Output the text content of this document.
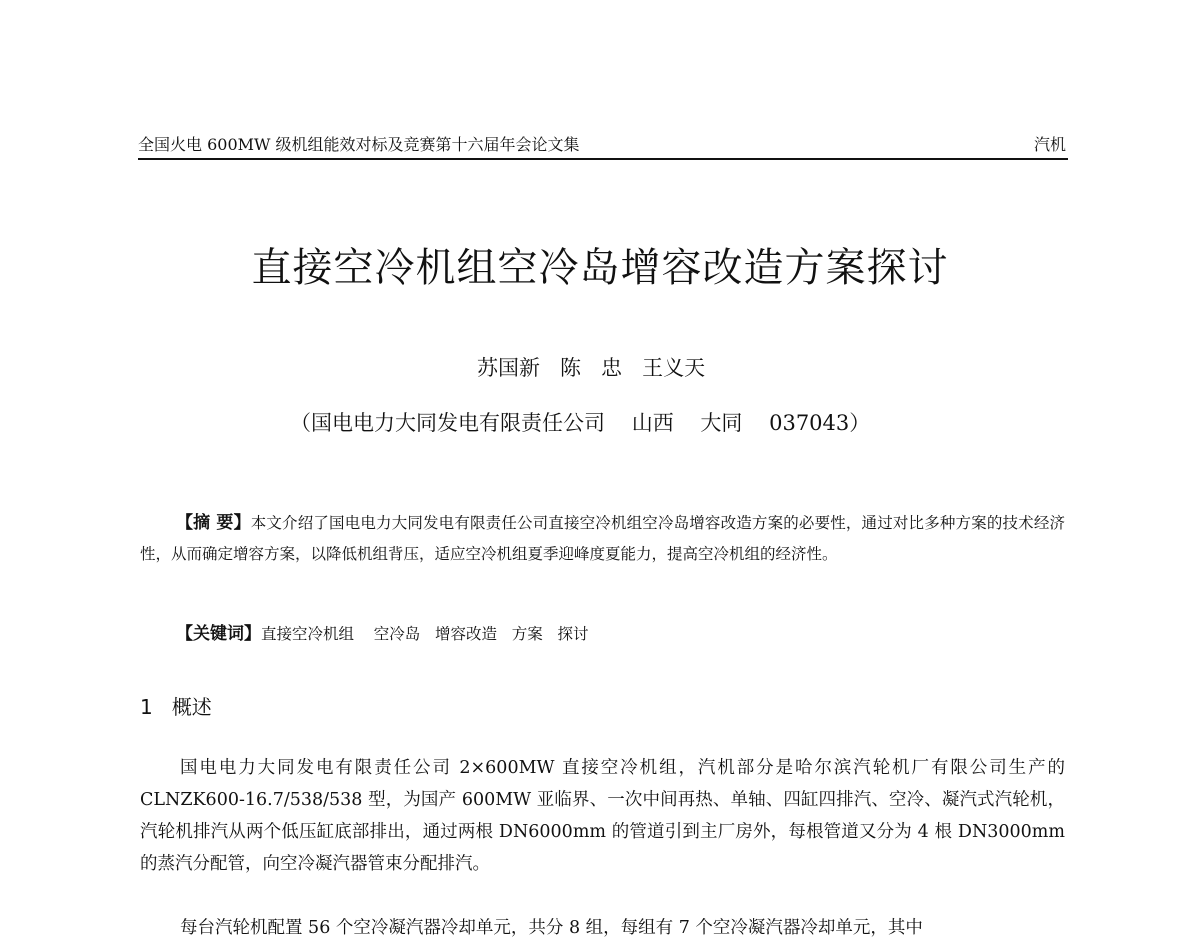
全国火电 600MW 级机组能效对标及竞赛第十六届年会论文集	汽机
直接空冷机组空冷岛增容改造方案探讨
苏国新   陈   忠   王义天
（国电电力大同发电有限责任公司    山西    大同    037043）
【摘 要】本文介绍了国电电力大同发电有限责任公司直接空冷机组空冷岛增容改造方案的必要性，通过对比多种方案的技术经济性，从而确定增容方案，以降低机组背压，适应空冷机组夏季迎峰度夏能力，提高空冷机组的经济性。
【关键词】直接空冷机组    空冷岛   增容改造   方案   探讨
1 概述
国电电力大同发电有限责任公司 2×600MW 直接空冷机组，汽机部分是哈尔滨汽轮机厂有限公司生产的 CLNZK600-16.7/538/538 型，为国产 600MW 亚临界、一次中间再热、单轴、四缸四排汽、空冷、凝汽式汽轮机，汽轮机排汽从两个低压缸底部排出，通过两根 DN6000mm 的管道引到主厂房外，每根管道又分为 4 根 DN3000mm 的蒸汽分配管，向空冷凝汽器管束分配排汽。
每台汽轮机配置 56 个空冷凝汽器冷却单元，共分 8 组，每组有 7 个空冷凝汽器冷却单元，其中
